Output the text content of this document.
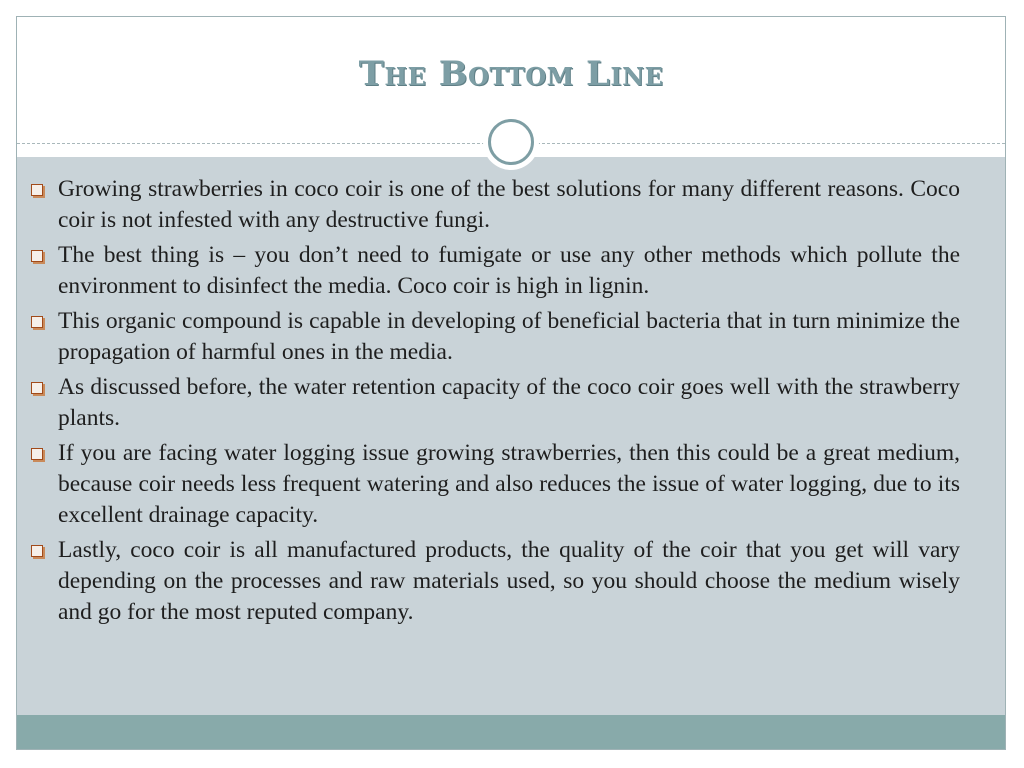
The Bottom Line
Growing strawberries in coco coir is one of the best solutions for many different reasons. Coco coir is not infested with any destructive fungi.
The best thing is – you don’t need to fumigate or use any other methods which pollute the environment to disinfect the media. Coco coir is high in lignin.
This organic compound is capable in developing of beneficial bacteria that in turn minimize the propagation of harmful ones in the media.
As discussed before, the water retention capacity of the coco coir goes well with the strawberry plants.
If you are facing water logging issue growing strawberries, then this could be a great medium, because coir needs less frequent watering and also reduces the issue of water logging, due to its excellent drainage capacity.
Lastly, coco coir is all manufactured products, the quality of the coir that you get will vary depending on the processes and raw materials used, so you should choose the medium wisely and go for the most reputed company.
